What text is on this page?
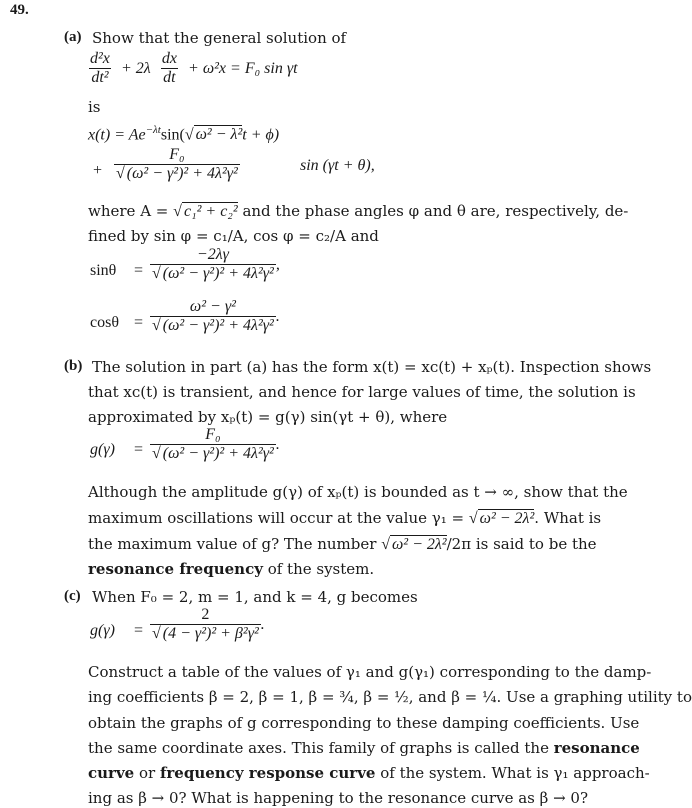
49.
(a) Show that the general solution of
$\frac{\text{d²x}}{\text{dt²}} + 2\lambda \frac{dx}{dt} + \omega^2x = F_0$ sin γt
is
$x(t) = Ae^{-\lambda t}\sin(√$ ω² − λ²t + ϕ)
+ $\frac{\text{F₀}}{\text{√ (ω² − γ²)² + 4λ²γ²}}$	sin (γt + θ),
where A = √ c₁² + c₂² and the phase angles φ and θ are, respectively, de-
fined by sin φ = c₁/A, cos φ = c₂/A and
$\sin\theta = \frac{-2\lambda\gamma}{\text{√ (ω² − γ²)² + 4λ²γ²}}$ ,
$\cos\theta = \frac{\text{ω² − γ²}}{\text{√ (ω² − γ²)² + 4λ²γ²}}$ .
(b) The solution in part (a) has the form x(t) = xᴄ(t) + xₚ(t). Inspection shows
that xᴄ(t) is transient, and hence for large values of time, the solution is
approximated by xₚ(t) = g(γ) sin(γt + θ), where
$g(\gamma) = \frac{\text{F₀}}{\text{√ (ω² − γ²)² + 4λ²γ²}}$ .
Although the amplitude g(γ) of xₚ(t) is bounded as t → ∞, show that the
maximum oscillations will occur at the value γ₁ = √ ω² − 2λ². What is
the maximum value of g? The number √ ω² − 2λ²/2π is said to be the
resonance frequency of the system.
(c) When F₀ = 2, m = 1, and k = 4, g becomes
$g(\gamma) = \frac{2}{\text{√ (4 − γ²)² + β²γ²}}$ .
Construct a table of the values of γ₁ and g(γ₁) corresponding to the damp-
ing coefficients β = 2, β = 1, β = ¾, β = ½, and β = ¼. Use a graphing utility to
obtain the graphs of g corresponding to these damping coefficients. Use
the same coordinate axes. This family of graphs is called the resonance
curve or frequency response curve of the system. What is γ₁ approach-
ing as β → 0? What is happening to the resonance curve as β → 0?
